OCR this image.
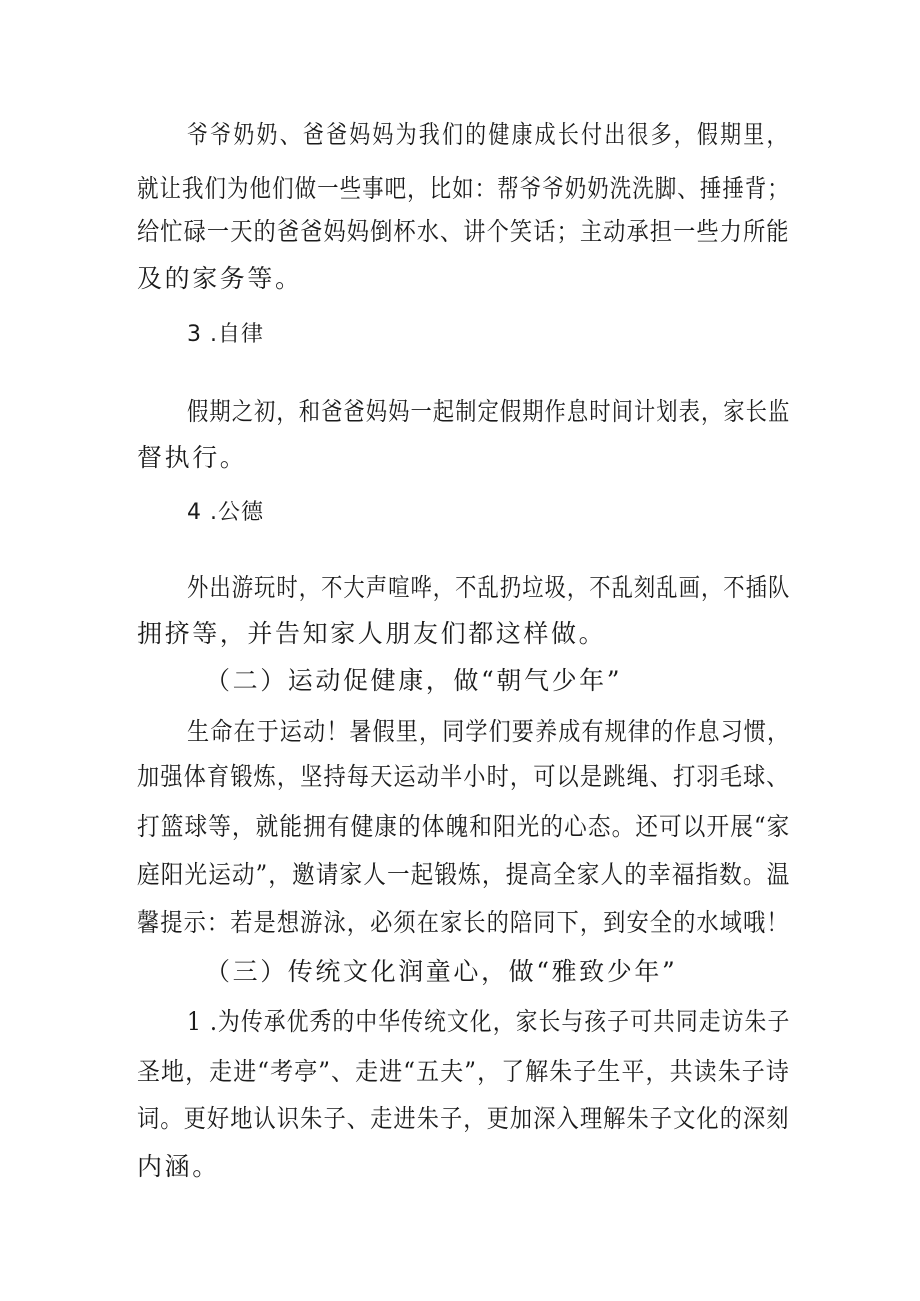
爷爷奶奶、爸爸妈妈为我们的健康成长付出很多，假期里，
就让我们为他们做一些事吧，比如：帮爷爷奶奶洗洗脚、捶捶背；
给忙碌一天的爸爸妈妈倒杯水、讲个笑话；主动承担一些力所能
及的家务等。
3 .自律
假期之初，和爸爸妈妈一起制定假期作息时间计划表，家长监
督执行。
4 .公德
外出游玩时，不大声喧哗，不乱扔垃圾，不乱刻乱画，不插队
拥挤等，并告知家人朋友们都这样做。
（二）运动促健康，做“朝气少年”
生命在于运动！暑假里，同学们要养成有规律的作息习惯，
加强体育锻炼，坚持每天运动半小时，可以是跳绳、打羽毛球、
打篮球等，就能拥有健康的体魄和阳光的心态。还可以开展“家
庭阳光运动”，邀请家人一起锻炼，提高全家人的幸福指数。温
馨提示：若是想游泳，必须在家长的陪同下，到安全的水域哦！
（三）传统文化润童心，做“雅致少年”
1 .为传承优秀的中华传统文化，家长与孩子可共同走访朱子
圣地，走进“考亭”、走进“五夫”，了解朱子生平，共读朱子诗
词。更好地认识朱子、走进朱子，更加深入理解朱子文化的深刻
内涵。
